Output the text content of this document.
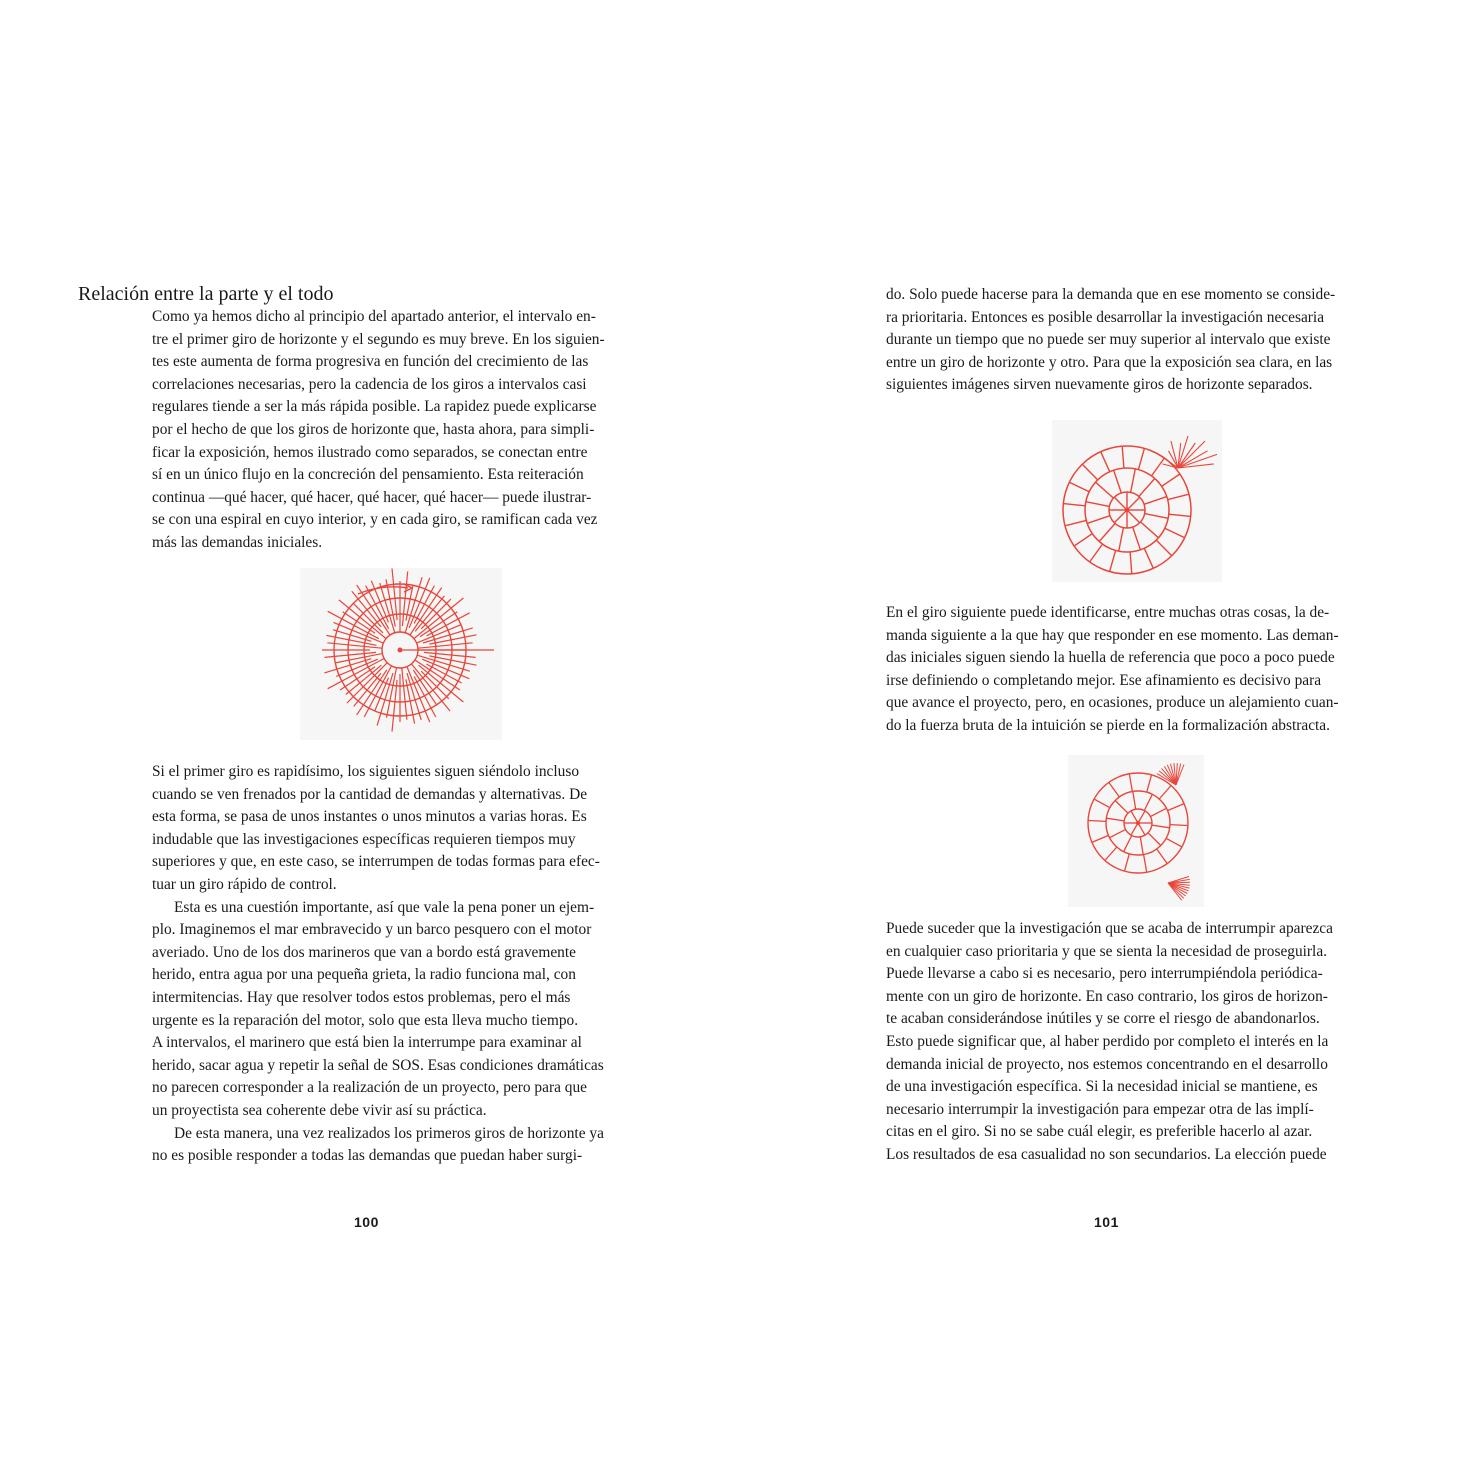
Relación entre la parte y el todo

Como ya hemos dicho al principio del apartado anterior, el intervalo en-
tre el primer giro de horizonte y el segundo es muy breve. En los siguien-
tes este aumenta de forma progresiva en función del crecimiento de las
correlaciones necesarias, pero la cadencia de los giros a intervalos casi
regulares tiende a ser la más rápida posible. La rapidez puede explicarse
por el hecho de que los giros de horizonte que, hasta ahora, para simpli-
ficar la exposición, hemos ilustrado como separados, se conectan entre
sí en un único flujo en la concreción del pensamiento. Esta reiteración
continua —qué hacer, qué hacer, qué hacer, qué hacer— puede ilustrar-
se con una espiral en cuyo interior, y en cada giro, se ramifican cada vez
más las demandas iniciales.

Si el primer giro es rapidísimo, los siguientes siguen siéndolo incluso
cuando se ven frenados por la cantidad de demandas y alternativas. De
esta forma, se pasa de unos instantes o unos minutos a varias horas. Es
indudable que las investigaciones específicas requieren tiempos muy
superiores y que, en este caso, se interrumpen de todas formas para efec-
tuar un giro rápido de control.

Esta es una cuestión importante, así que vale la pena poner un ejem-

plo. Imaginemos el mar embravecido y un barco pesquero con el motor
averiado. Uno de los dos marineros que van a bordo está gravemente
herido, entra agua por una pequeña grieta, la radio funciona mal, con
intermitencias. Hay que resolver todos estos problemas, pero el más
urgente es la reparación del motor, solo que esta lleva mucho tiempo.
A intervalos, el marinero que está bien la interrumpe para examinar al
herido, sacar agua y repetir la señal de SOS. Esas condiciones dramáticas
no parecen corresponder a la realización de un proyecto, pero para que
un proyectista sea coherente debe vivir así su práctica.

De esta manera, una vez realizados los primeros giros de horizonte ya

no es posible responder a todas las demandas que puedan haber surgi-

100

do. Solo puede hacerse para la demanda que en ese momento se conside-
ra prioritaria. Entonces es posible desarrollar la investigación necesaria
durante un tiempo que no puede ser muy superior al intervalo que existe
entre un giro de horizonte y otro. Para que la exposición sea clara, en las
siguientes imágenes sirven nuevamente giros de horizonte separados.

En el giro siguiente puede identificarse, entre muchas otras cosas, la de-
manda siguiente a la que hay que responder en ese momento. Las deman-
das iniciales siguen siendo la huella de referencia que poco a poco puede
irse definiendo o completando mejor. Ese afinamiento es decisivo para
que avance el proyecto, pero, en ocasiones, produce un alejamiento cuan-
do la fuerza bruta de la intuición se pierde en la formalización abstracta.

Puede suceder que la investigación que se acaba de interrumpir aparezca
en cualquier caso prioritaria y que se sienta la necesidad de proseguirla.
Puede llevarse a cabo si es necesario, pero interrumpiéndola periódica-
mente con un giro de horizonte. En caso contrario, los giros de horizon-
te acaban considerándose inútiles y se corre el riesgo de abandonarlos.
Esto puede significar que, al haber perdido por completo el interés en la
demanda inicial de proyecto, nos estemos concentrando en el desarrollo
de una investigación específica. Si la necesidad inicial se mantiene, es
necesario interrumpir la investigación para empezar otra de las implí-
citas en el giro. Si no se sabe cuál elegir, es preferible hacerlo al azar.
Los resultados de esa casualidad no son secundarios. La elección puede

101
